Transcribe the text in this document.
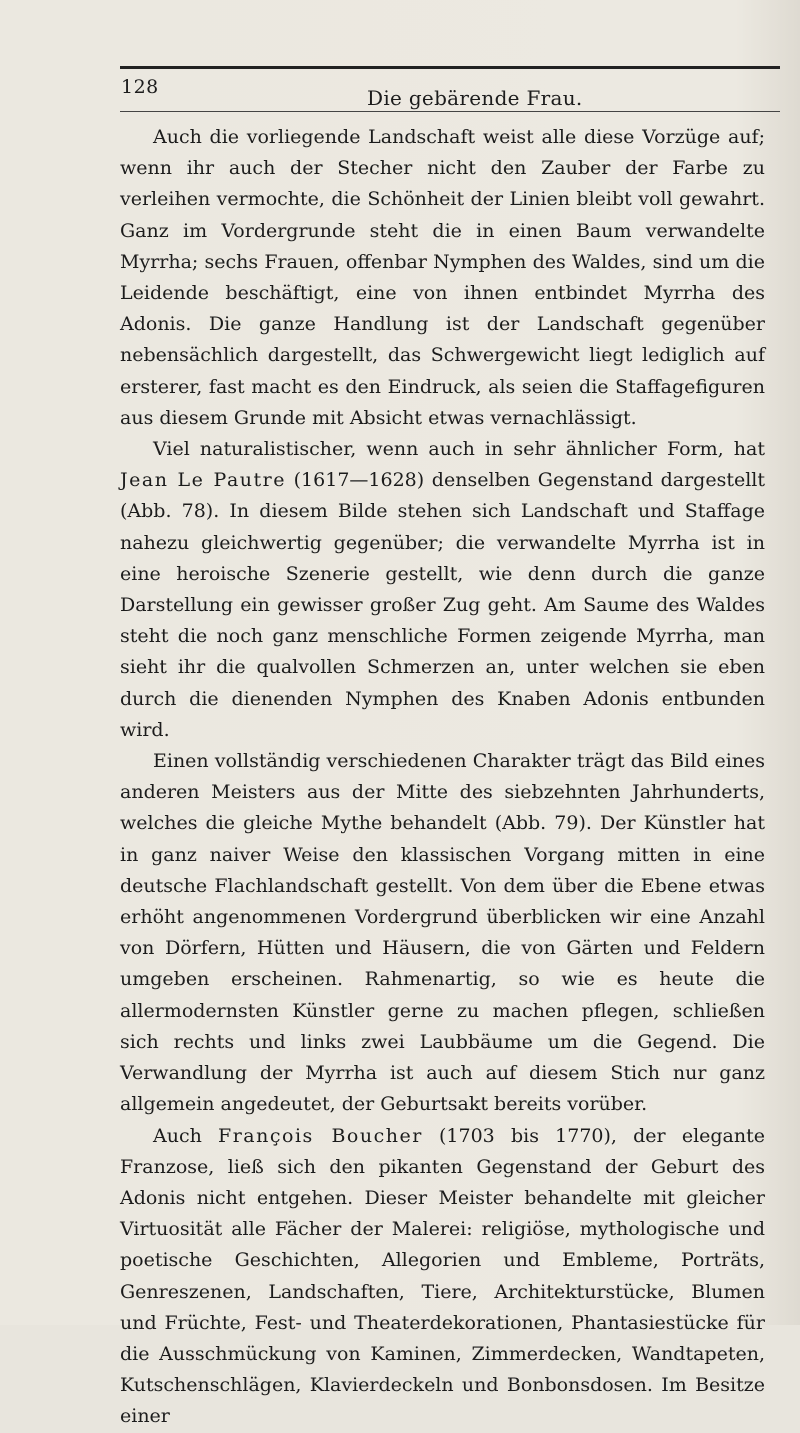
128	Die gebärende Frau.

Auch die vorliegende Landschaft weist alle diese Vorzüge auf; wenn ihr auch der Stecher nicht den Zauber der Farbe zu verleihen vermochte, die Schönheit der Linien bleibt voll gewahrt. Ganz im Vordergrunde steht die in einen Baum verwandelte Myrrha; sechs Frauen, offenbar Nymphen des Waldes, sind um die Leidende beschäftigt, eine von ihnen entbindet Myrrha des Adonis. Die ganze Handlung ist der Landschaft gegenüber nebensächlich dargestellt, das Schwergewicht liegt lediglich auf ersterer, fast macht es den Eindruck, als seien die Staffagefiguren aus diesem Grunde mit Absicht etwas vernachlässigt.

Viel naturalistischer, wenn auch in sehr ähnlicher Form, hat Jean Le Pautre (1617—1628) denselben Gegenstand dargestellt (Abb. 78). In diesem Bilde stehen sich Landschaft und Staffage nahezu gleichwertig gegenüber; die verwandelte Myrrha ist in eine heroische Szenerie gestellt, wie denn durch die ganze Darstellung ein gewisser großer Zug geht. Am Saume des Waldes steht die noch ganz menschliche Formen zeigende Myrrha, man sieht ihr die qualvollen Schmerzen an, unter welchen sie eben durch die dienenden Nymphen des Knaben Adonis entbunden wird.

Einen vollständig verschiedenen Charakter trägt das Bild eines anderen Meisters aus der Mitte des siebzehnten Jahrhunderts, welches die gleiche Mythe behandelt (Abb. 79). Der Künstler hat in ganz naiver Weise den klassischen Vorgang mitten in eine deutsche Flachlandschaft gestellt. Von dem über die Ebene etwas erhöht angenommenen Vordergrund überblicken wir eine Anzahl von Dörfern, Hütten und Häusern, die von Gärten und Feldern umgeben erscheinen. Rahmenartig, so wie es heute die allermodernsten Künstler gerne zu machen pflegen, schließen sich rechts und links zwei Laubbäume um die Gegend. Die Verwandlung der Myrrha ist auch auf diesem Stich nur ganz allgemein angedeutet, der Geburtsakt bereits vorüber.

Auch François Boucher (1703 bis 1770), der elegante Franzose, ließ sich den pikanten Gegenstand der Geburt des Adonis nicht entgehen. Dieser Meister behandelte mit gleicher Virtuosität alle Fächer der Malerei: religiöse, mythologische und poetische Geschichten, Allegorien und Embleme, Porträts, Genreszenen, Landschaften, Tiere, Architekturstücke, Blumen und Früchte, Fest- und Theaterdekorationen, Phantasiestücke für die Ausschmückung von Kaminen, Zimmerdecken, Wandtapeten, Kutschenschlägen, Klavierdeckeln und Bonbonsdosen. Im Besitze einer
